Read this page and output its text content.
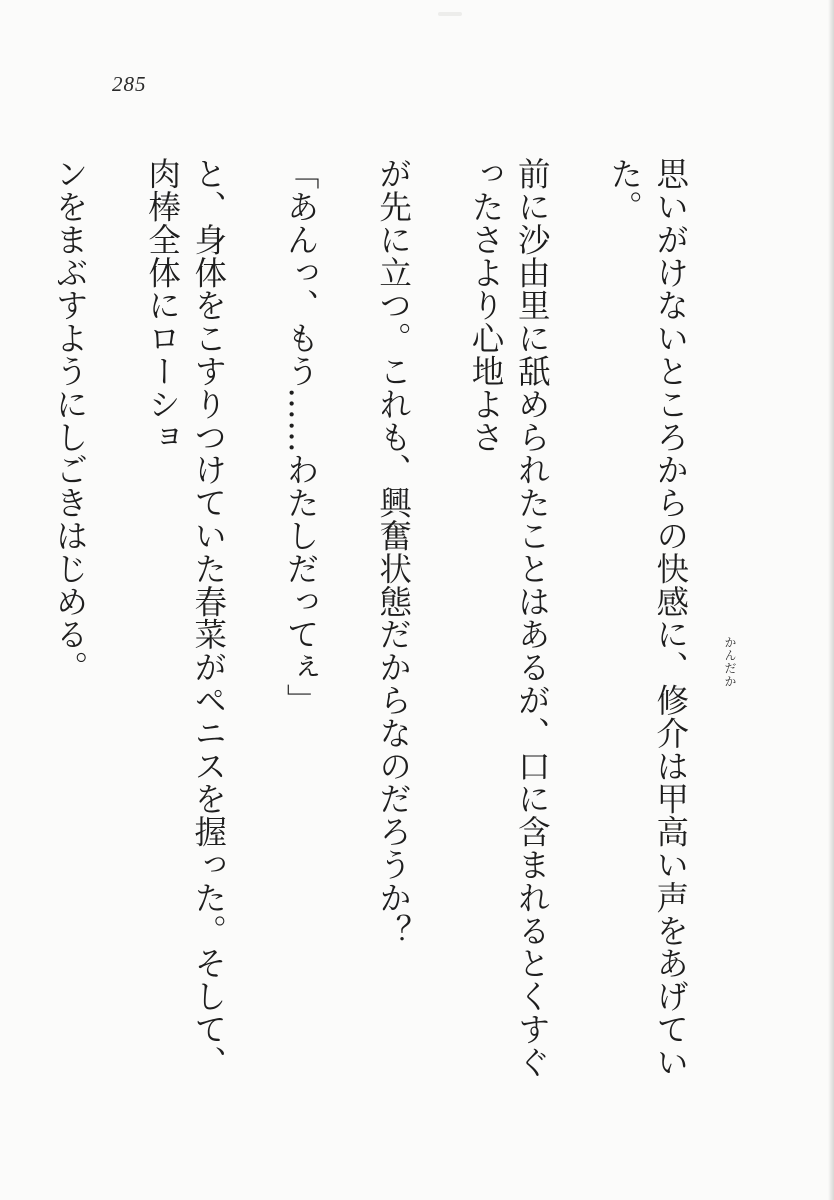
285
かんだか

思いがけないところからの快感に、修介は甲高い声をあげていた。

前に沙由里に舐められたことはあるが、口に含まれるとくすぐったさより心地よさ

が先に立つ。これも、興奮状態だからなのだろうか？

「あんっ、もう……わたしだってぇ」

と、身体をこすりつけていた春菜がペニスを握った。そして、肉棒全体にローショ

ンをまぶすようにしごきはじめる。
